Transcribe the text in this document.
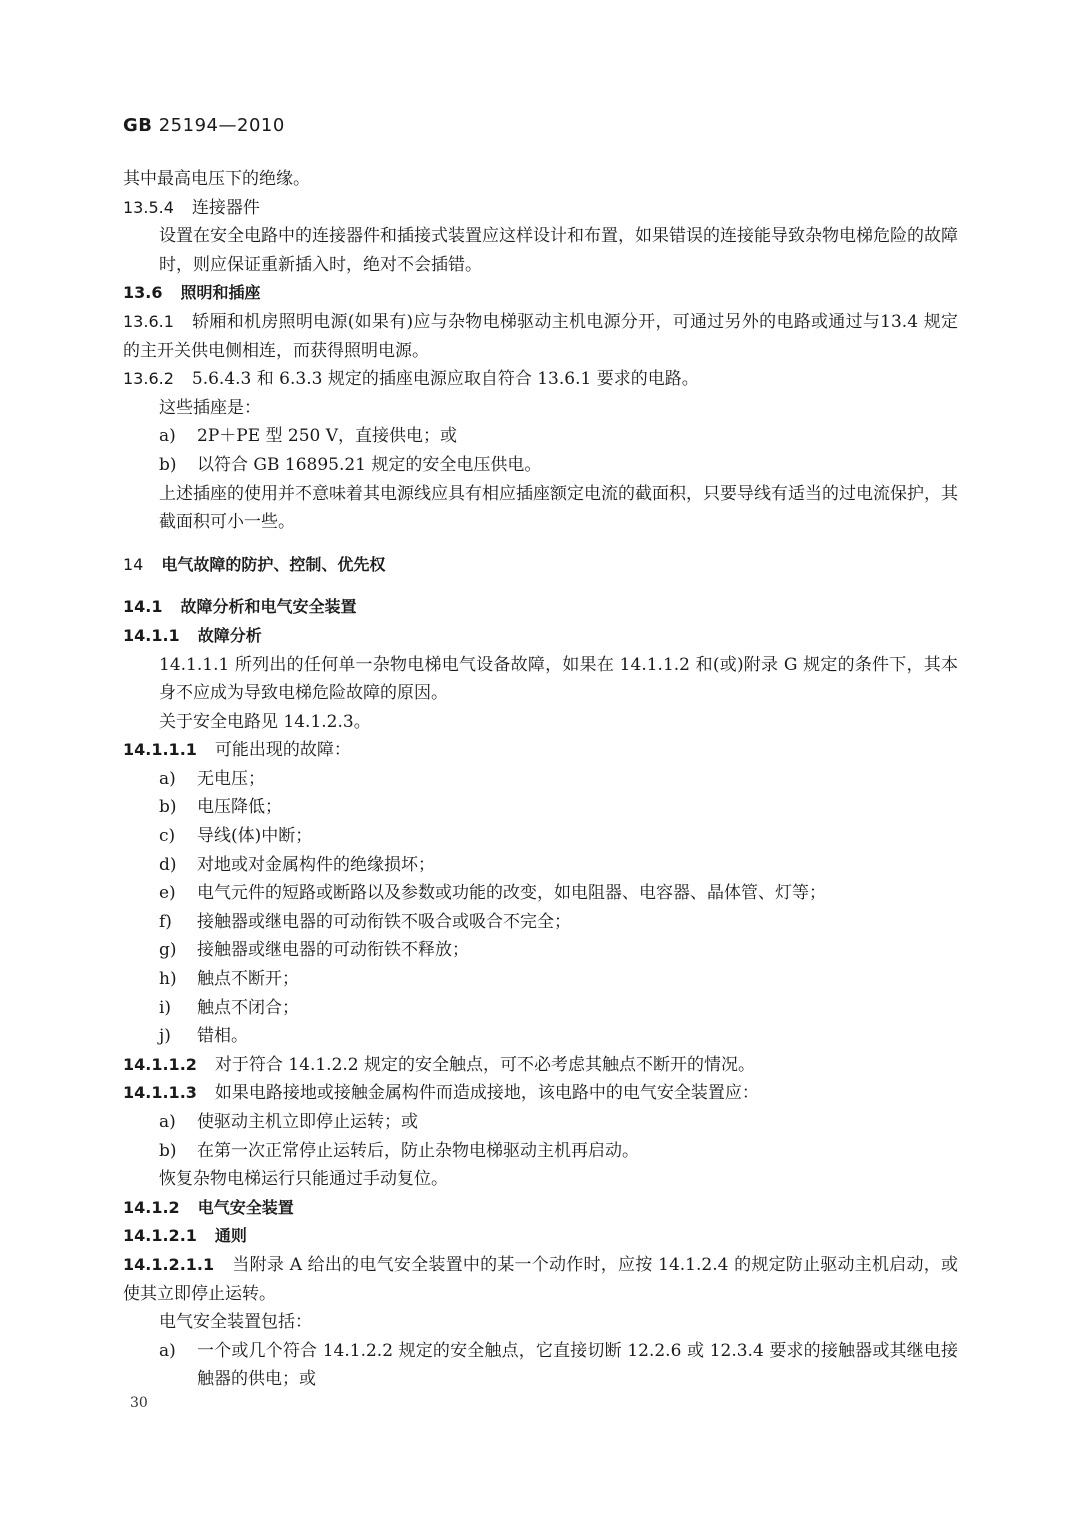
GB 25194—2010
其中最高电压下的绝缘。
13.5.4 连接器件
设置在安全电路中的连接器件和插接式装置应这样设计和布置，如果错误的连接能导致杂物电梯危险的故障时，则应保证重新插入时，绝对不会插错。
13.6 照明和插座
13.6.1 轿厢和机房照明电源(如果有)应与杂物电梯驱动主机电源分开，可通过另外的电路或通过与13.4 规定的主开关供电侧相连，而获得照明电源。
13.6.2 5.6.4.3 和 6.3.3 规定的插座电源应取自符合 13.6.1 要求的电路。
这些插座是：
a)	2P＋PE 型 250 V，直接供电；或
b)	以符合 GB 16895.21 规定的安全电压供电。
上述插座的使用并不意味着其电源线应具有相应插座额定电流的截面积，只要导线有适当的过电流保护，其截面积可小一些。
14 电气故障的防护、控制、优先权
14.1 故障分析和电气安全装置
14.1.1 故障分析
14.1.1.1 所列出的任何单一杂物电梯电气设备故障，如果在 14.1.1.2 和(或)附录 G 规定的条件下，其本身不应成为导致电梯危险故障的原因。
关于安全电路见 14.1.2.3。
14.1.1.1 可能出现的故障：
a)	无电压；
b)	电压降低；
c)	导线(体)中断；
d)	对地或对金属构件的绝缘损坏；
e)	电气元件的短路或断路以及参数或功能的改变，如电阻器、电容器、晶体管、灯等；
f)	接触器或继电器的可动衔铁不吸合或吸合不完全；
g)	接触器或继电器的可动衔铁不释放；
h)	触点不断开；
i)	触点不闭合；
j)	错相。
14.1.1.2 对于符合 14.1.2.2 规定的安全触点，可不必考虑其触点不断开的情况。
14.1.1.3 如果电路接地或接触金属构件而造成接地，该电路中的电气安全装置应：
a)	使驱动主机立即停止运转；或
b)	在第一次正常停止运转后，防止杂物电梯驱动主机再启动。
恢复杂物电梯运行只能通过手动复位。
14.1.2 电气安全装置
14.1.2.1 通则
14.1.2.1.1 当附录 A 给出的电气安全装置中的某一个动作时，应按 14.1.2.4 的规定防止驱动主机启动，或使其立即停止运转。
电气安全装置包括：
a)	一个或几个符合 14.1.2.2 规定的安全触点，它直接切断 12.2.6 或 12.3.4 要求的接触器或其继电接触器的供电；或
30
